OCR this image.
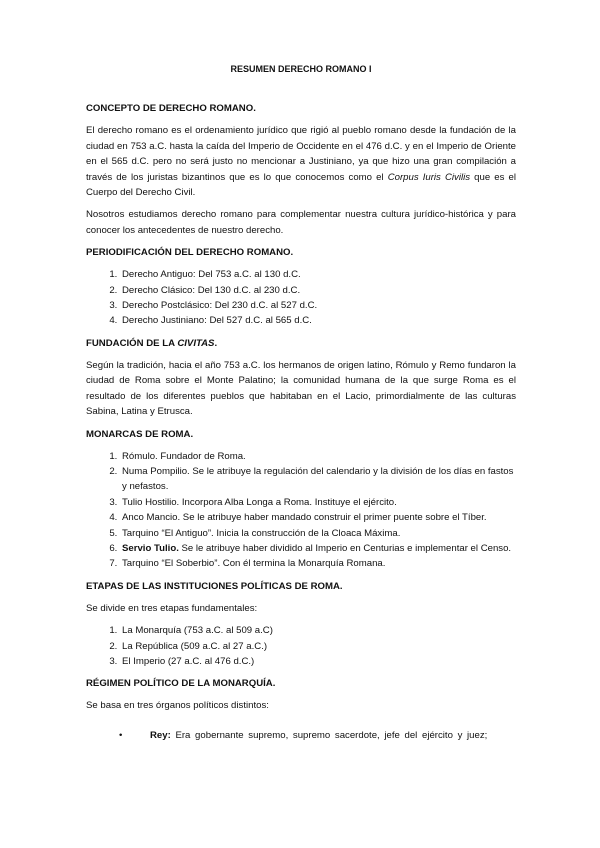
RESUMEN DERECHO ROMANO I
CONCEPTO DE DERECHO ROMANO.

El derecho romano es el ordenamiento jurídico que rigió al pueblo romano desde la fundación de la ciudad en 753 a.C. hasta la caída del Imperio de Occidente en el 476 d.C. y en el Imperio de Oriente en el 565 d.C. pero no será justo no mencionar a Justiniano, ya que hizo una gran compilación a través de los juristas bizantinos que es lo que conocemos como el Corpus Iuris Civilis que es el Cuerpo del Derecho Civil.

Nosotros estudiamos derecho romano para complementar nuestra cultura jurídico-histórica y para conocer los antecedentes de nuestro derecho.

PERIODIFICACIÓN DEL DERECHO ROMANO.
1. Derecho Antiguo: Del 753 a.C. al 130 d.C.
2. Derecho Clásico: Del 130 d.C. al 230 d.C.
3. Derecho Postclásico: Del 230 d.C. al 527 d.C.
4. Derecho Justiniano: Del 527 d.C. al 565 d.C.
FUNDACIÓN DE LA CIVITAS.

Según la tradición, hacia el año 753 a.C. los hermanos de origen latino, Rómulo y Remo fundaron la ciudad de Roma sobre el Monte Palatino; la comunidad humana de la que surge Roma es el resultado de los diferentes pueblos que habitaban en el Lacio, primordialmente de las culturas Sabina, Latina y Etrusca.

MONARCAS DE ROMA.
1. Rómulo. Fundador de Roma.
2. Numa Pompilio. Se le atribuye la regulación del calendario y la división de los días en fastos y nefastos.
3. Tulio Hostilio. Incorpora Alba Longa a Roma. Instituye el ejército.
4. Anco Mancio. Se le atribuye haber mandado construir el primer puente sobre el Tíber.
5. Tarquino “El Antiguo”. Inicia la construcción de la Cloaca Máxima.
6. Servio Tulio. Se le atribuye haber dividido al Imperio en Centurias e implementar el Censo.
7. Tarquino “El Soberbio”. Con él termina la Monarquía Romana.
ETAPAS DE LAS INSTITUCIONES POLÍTICAS DE ROMA.

Se divide en tres etapas fundamentales:

1. La Monarquía (753 a.C. al 509 a.C)
2. La República (509 a.C. al 27 a.C.)
3. El Imperio (27 a.C. al 476 d.C.)
RÉGIMEN POLÍTICO DE LA MONARQUÍA.

Se basa en tres órganos políticos distintos:

•	Rey: Era gobernante supremo, supremo sacerdote, jefe del ejército y juez;
